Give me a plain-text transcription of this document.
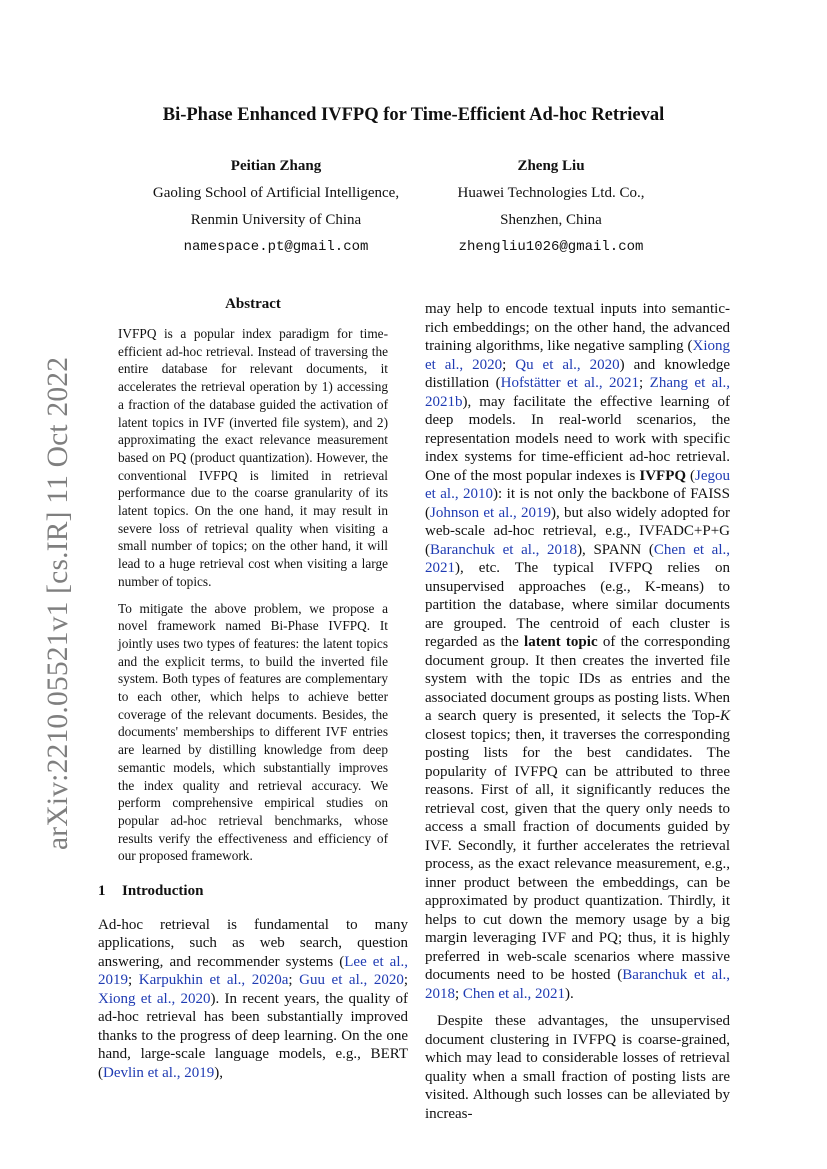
arXiv:2210.05521v1 [cs.IR] 11 Oct 2022
Bi-Phase Enhanced IVFPQ for Time-Efficient Ad-hoc Retrieval
Peitian Zhang
Gaoling School of Artificial Intelligence,
Renmin University of China
namespace.pt@gmail.com
Zheng Liu
Huawei Technologies Ltd. Co.,
Shenzhen, China
zhengliu1026@gmail.com
Abstract

IVFPQ is a popular index paradigm for time-efficient ad-hoc retrieval. Instead of traversing the entire database for relevant documents, it accelerates the retrieval operation by 1) accessing a fraction of the database guided the activation of latent topics in IVF (inverted file system), and 2) approximating the exact relevance measurement based on PQ (product quantization). However, the conventional IVFPQ is limited in retrieval performance due to the coarse granularity of its latent topics. On the one hand, it may result in severe loss of retrieval quality when visiting a small number of topics; on the other hand, it will lead to a huge retrieval cost when visiting a large number of topics.

To mitigate the above problem, we propose a novel framework named Bi-Phase IVFPQ. It jointly uses two types of features: the latent topics and the explicit terms, to build the inverted file system. Both types of features are complementary to each other, which helps to achieve better coverage of the relevant documents. Besides, the documents' memberships to different IVF entries are learned by distilling knowledge from deep semantic models, which substantially improves the index quality and retrieval accuracy. We perform comprehensive empirical studies on popular ad-hoc retrieval benchmarks, whose results verify the effectiveness and efficiency of our proposed framework.

1 Introduction

Ad-hoc retrieval is fundamental to many applications, such as web search, question answering, and recommender systems (Lee et al., 2019; Karpukhin et al., 2020a; Guu et al., 2020; Xiong et al., 2020). In recent years, the quality of ad-hoc retrieval has been substantially improved thanks to the progress of deep learning. On the one hand, large-scale language models, e.g., BERT (Devlin et al., 2019),

may help to encode textual inputs into semantic-rich embeddings; on the other hand, the advanced training algorithms, like negative sampling (Xiong et al., 2020; Qu et al., 2020) and knowledge distillation (Hofstätter et al., 2021; Zhang et al., 2021b), may facilitate the effective learning of deep models. In real-world scenarios, the representation models need to work with specific index systems for time-efficient ad-hoc retrieval. One of the most popular indexes is IVFPQ (Jegou et al., 2010): it is not only the backbone of FAISS (Johnson et al., 2019), but also widely adopted for web-scale ad-hoc retrieval, e.g., IVFADC+P+G (Baranchuk et al., 2018), SPANN (Chen et al., 2021), etc. The typical IVFPQ relies on unsupervised approaches (e.g., K-means) to partition the database, where similar documents are grouped. The centroid of each cluster is regarded as the latent topic of the corresponding document group. It then creates the inverted file system with the topic IDs as entries and the associated document groups as posting lists. When a search query is presented, it selects the Top-K closest topics; then, it traverses the corresponding posting lists for the best candidates. The popularity of IVFPQ can be attributed to three reasons. First of all, it significantly reduces the retrieval cost, given that the query only needs to access a small fraction of documents guided by IVF. Secondly, it further accelerates the retrieval process, as the exact relevance measurement, e.g., inner product between the embeddings, can be approximated by product quantization. Thirdly, it helps to cut down the memory usage by a big margin leveraging IVF and PQ; thus, it is highly preferred in web-scale scenarios where massive documents need to be hosted (Baranchuk et al., 2018; Chen et al., 2021).

Despite these advantages, the unsupervised document clustering in IVFPQ is coarse-grained, which may lead to considerable losses of retrieval quality when a small fraction of posting lists are visited. Although such losses can be alleviated by increas-
